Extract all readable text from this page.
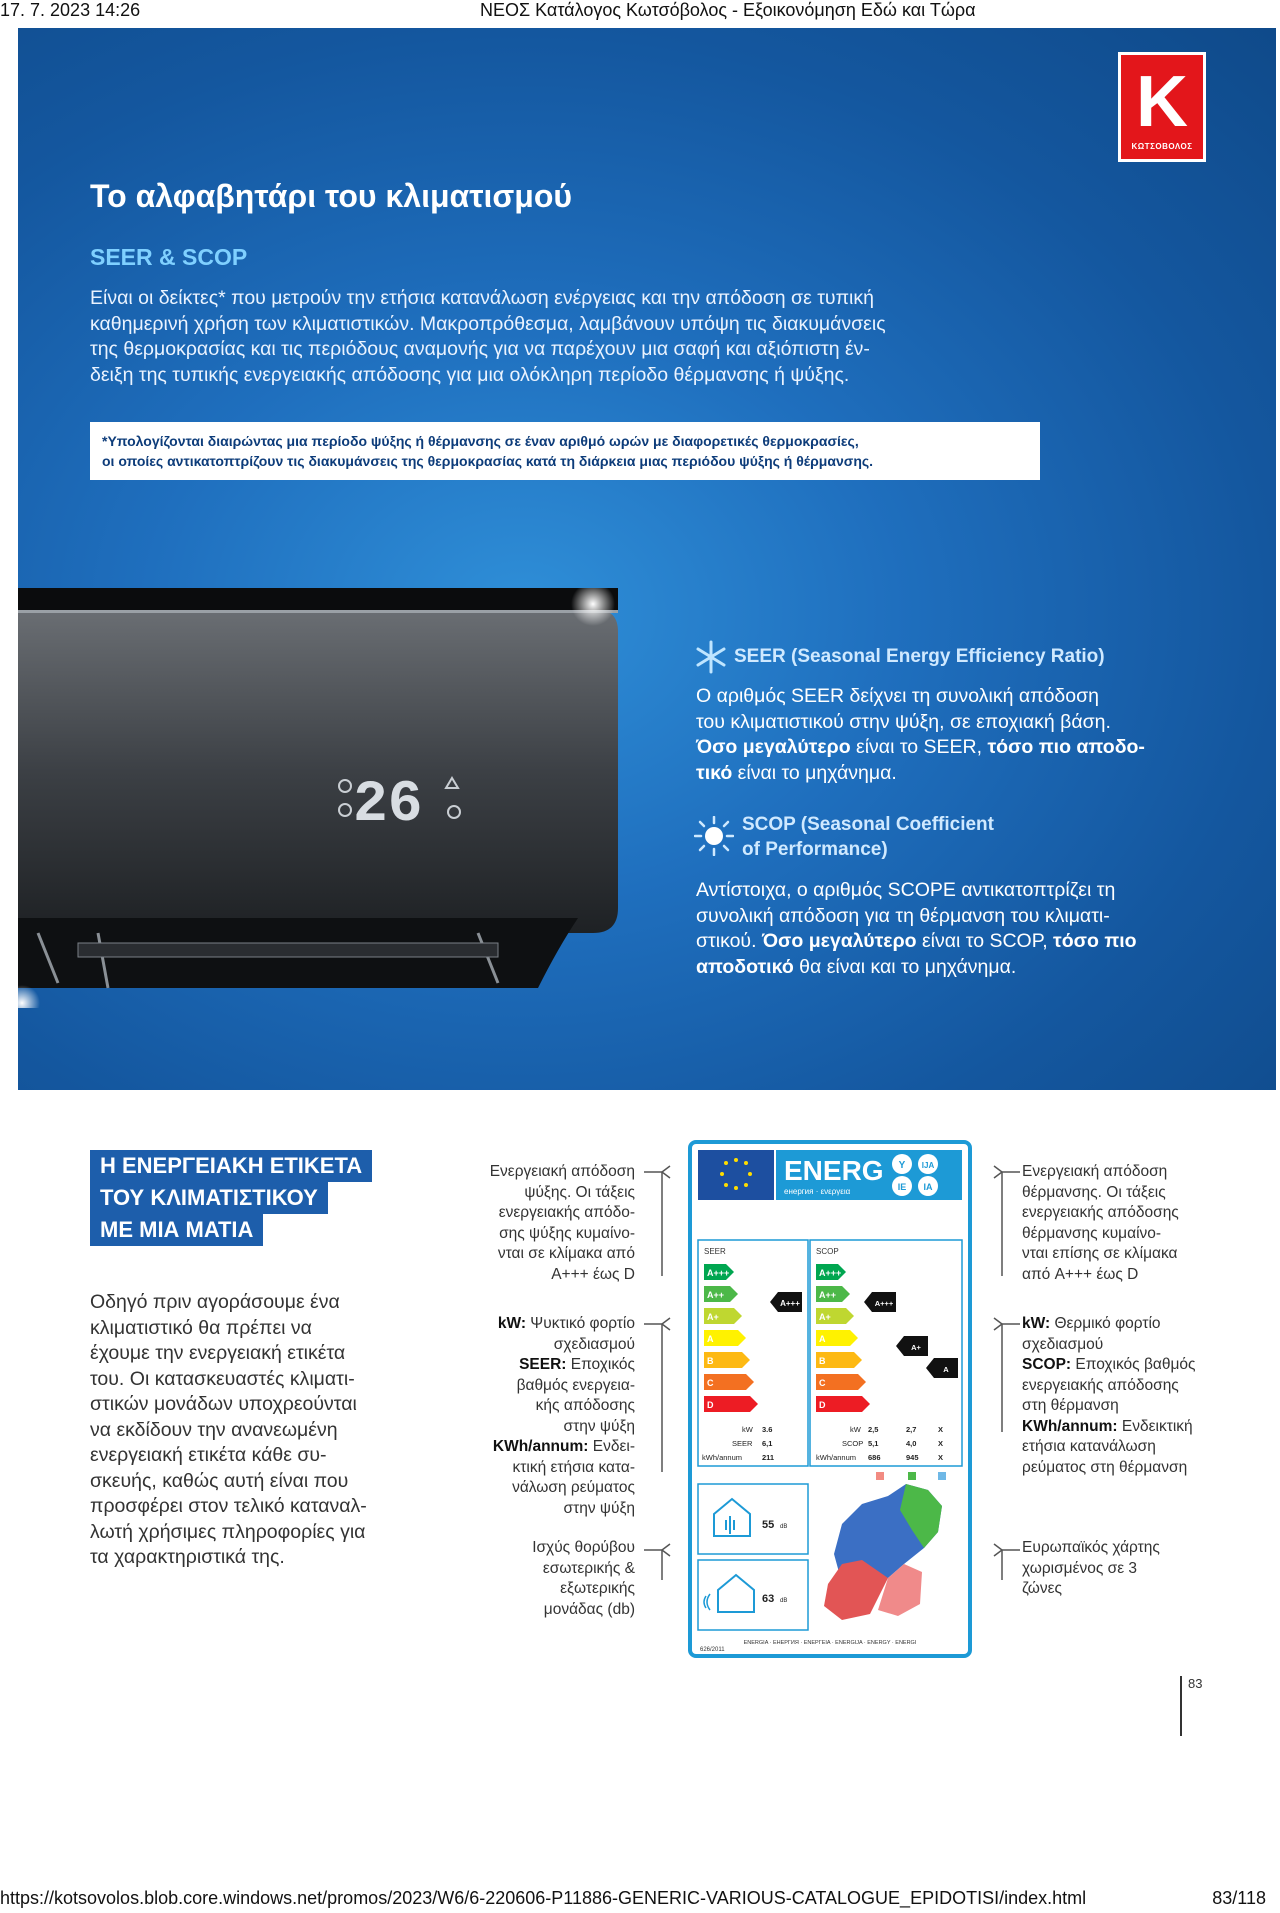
17. 7. 2023 14:26	ΝΕΟΣ Κατάλογος Κωτσόβολος - Εξοικονόμηση Εδώ και Τώρα
K
ΚΩΤΣΟΒΟΛΟΣ
Το αλφαβητάρι του κλιματισμού
SEER & SCOP
Είναι οι δείκτες* που μετρούν την ετήσια κατανάλωση ενέργειας και την απόδοση σε τυπική
καθημερινή χρήση των κλιματιστικών. Μακροπρόθεσμα, λαμβάνουν υπόψη τις διακυμάνσεις
της θερμοκρασίας και τις περιόδους αναμονής για να παρέχουν μια σαφή και αξιόπιστη έν-
δειξη της τυπικής ενεργειακής απόδοσης για μια ολόκληρη περίοδο θέρμανσης ή ψύξης.
*Υπολογίζονται διαιρώντας μια περίοδο ψύξης ή θέρμανσης σε έναν αριθμό ωρών με διαφορετικές θερμοκρασίες,
οι οποίες αντικατοπτρίζουν τις διακυμάνσεις της θερμοκρασίας κατά τη διάρκεια μιας περιόδου ψύξης ή θέρμανσης.
26
SEER (Seasonal Energy Efficiency Ratio)
Ο αριθμός SEER δείχνει τη συνολική απόδοση
του κλιματιστικού στην ψύξη, σε εποχιακή βάση.
Όσο μεγαλύτερο είναι το SEER, τόσο πιο αποδο-
τικό είναι το μηχάνημα.
SCOP (Seasonal Coefficient
of Performance)
Αντίστοιχα, ο αριθμός SCOPE αντικατοπτρίζει τη
συνολική απόδοση για τη θέρμανση του κλιματι-
στικού. Όσο μεγαλύτερο είναι το SCOP, τόσο πιο
αποδοτικό θα είναι και το μηχάνημα.
Η ΕΝΕΡΓΕΙΑΚΗ ΕΤΙΚΕΤΑ
ΤΟΥ ΚΛΙΜΑΤΙΣΤΙΚΟΥ
ΜΕ ΜΙΑ ΜΑΤΙΑ
Οδηγό πριν αγοράσουμε ένα
κλιματιστικό θα πρέπει να
έχουμε την ενεργειακή ετικέτα
του. Οι κατασκευαστές κλιματι-
στικών μονάδων υποχρεούνται
να εκδίδουν την ανανεωμένη
ενεργειακή ετικέτα κάθε συ-
σκευής, καθώς αυτή είναι που
προσφέρει στον τελικό καταναλ-
λωτή χρήσιμες πληροφορίες για
τα χαρακτηριστικά της.
Ενεργειακή απόδοση
ψύξης. Οι τάξεις
ενεργειακής απόδο-
σης ψύξης κυμαίνο-
νται σε κλίμακα από
A+++ έως D
kW: Ψυκτικό φορτίο
σχεδιασμού
SEER: Εποχικός
βαθμός ενεργεια-
κής απόδοσης
στην ψύξη
KWh/annum: Ενδει-
κτική ετήσια κατα-
νάλωση ρεύματος
στην ψύξη
Ισχύς θορύβου
εσωτερικής &
εξωτερικής
μονάδας (db)
Ενεργειακή απόδοση
θέρμανσης. Οι τάξεις
ενεργειακής απόδοσης
θέρμανσης κυμαίνο-
νται επίσης σε κλίμακα
από A+++ έως D
kW: Θερμικό φορτίο
σχεδιασμού
SCOP: Εποχικός βαθμός
ενεργειακής απόδοσης
στη θέρμανση
KWh/annum: Ενδεικτική
ετήσια κατανάλωση
ρεύματος στη θέρμανση
Ευρωπαϊκός χάρτης
χωρισμένος σε 3
ζώνες
ENERG
енергия · ενεργεια
Y IJA
IE IA
SEER
A+++
A++
A+
A
B
C
D
A+++
kW 3.6
SEER 6,1
kWh/annum	211
SCOP
A+++
A++
A+
A
B
C
D
A+++
A+
A
kW 2,5	2,7	X
SCOP 5,1	4,0	X
kWh/annum 686	945	X
55 dB
63 dB
ENERGIA · ЕНЕРГИЯ · ΕΝΕΡΓΕΙΑ · ENERGIJA · ENERGY · ENERGI
626/2011
83
https://kotsovolos.blob.core.windows.net/promos/2023/W6/6-220606-P11886-GENERIC-VARIOUS-CATALOGUE_EPIDOTISI/index.html	83/118
